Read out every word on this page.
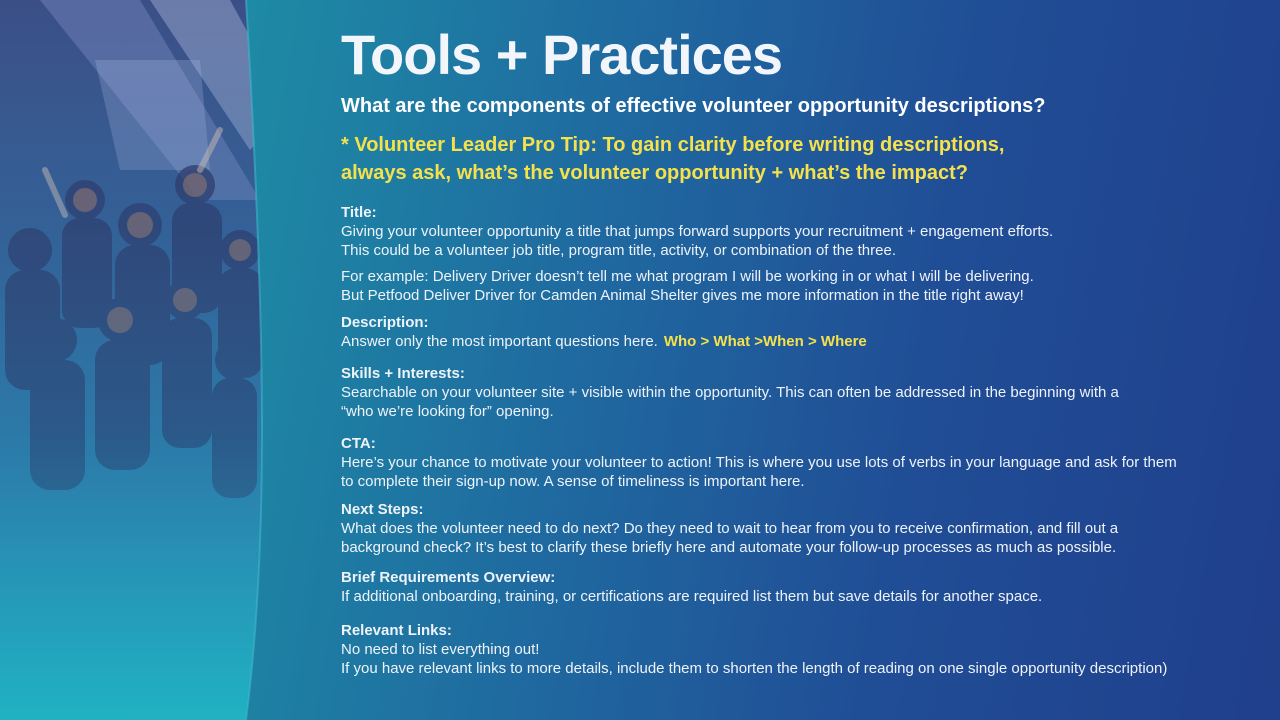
Tools + Practices

What are the components of effective volunteer opportunity descriptions?

* Volunteer Leader Pro Tip: To gain clarity before writing descriptions,
always ask, what’s the volunteer opportunity + what’s the impact?

Title:
Giving your volunteer opportunity a title that jumps forward supports your recruitment + engagement efforts.
This could be a volunteer job title, program title, activity, or combination of the three.
For example: Delivery Driver doesn’t tell me what program I will be working in or what I will be delivering.
But Petfood Deliver Driver for Camden Animal Shelter gives me more information in the title right away!
Description:
Answer only the most important questions here. Who > What >When > Where
Skills + Interests:
Searchable on your volunteer site + visible within the opportunity. This can often be addressed in the beginning with a
“who we’re looking for” opening.
CTA:
Here’s your chance to motivate your volunteer to action! This is where you use lots of verbs in your language and ask for them
to complete their sign-up now. A sense of timeliness is important here.
Next Steps:
What does the volunteer need to do next? Do they need to wait to hear from you to receive confirmation, and fill out a
background check? It’s best to clarify these briefly here and automate your follow-up processes as much as possible.
Brief Requirements Overview:
If additional onboarding, training, or certifications are required list them but save details for another space.
Relevant Links:
No need to list everything out!
If you have relevant links to more details, include them to shorten the length of reading on one single opportunity description)
